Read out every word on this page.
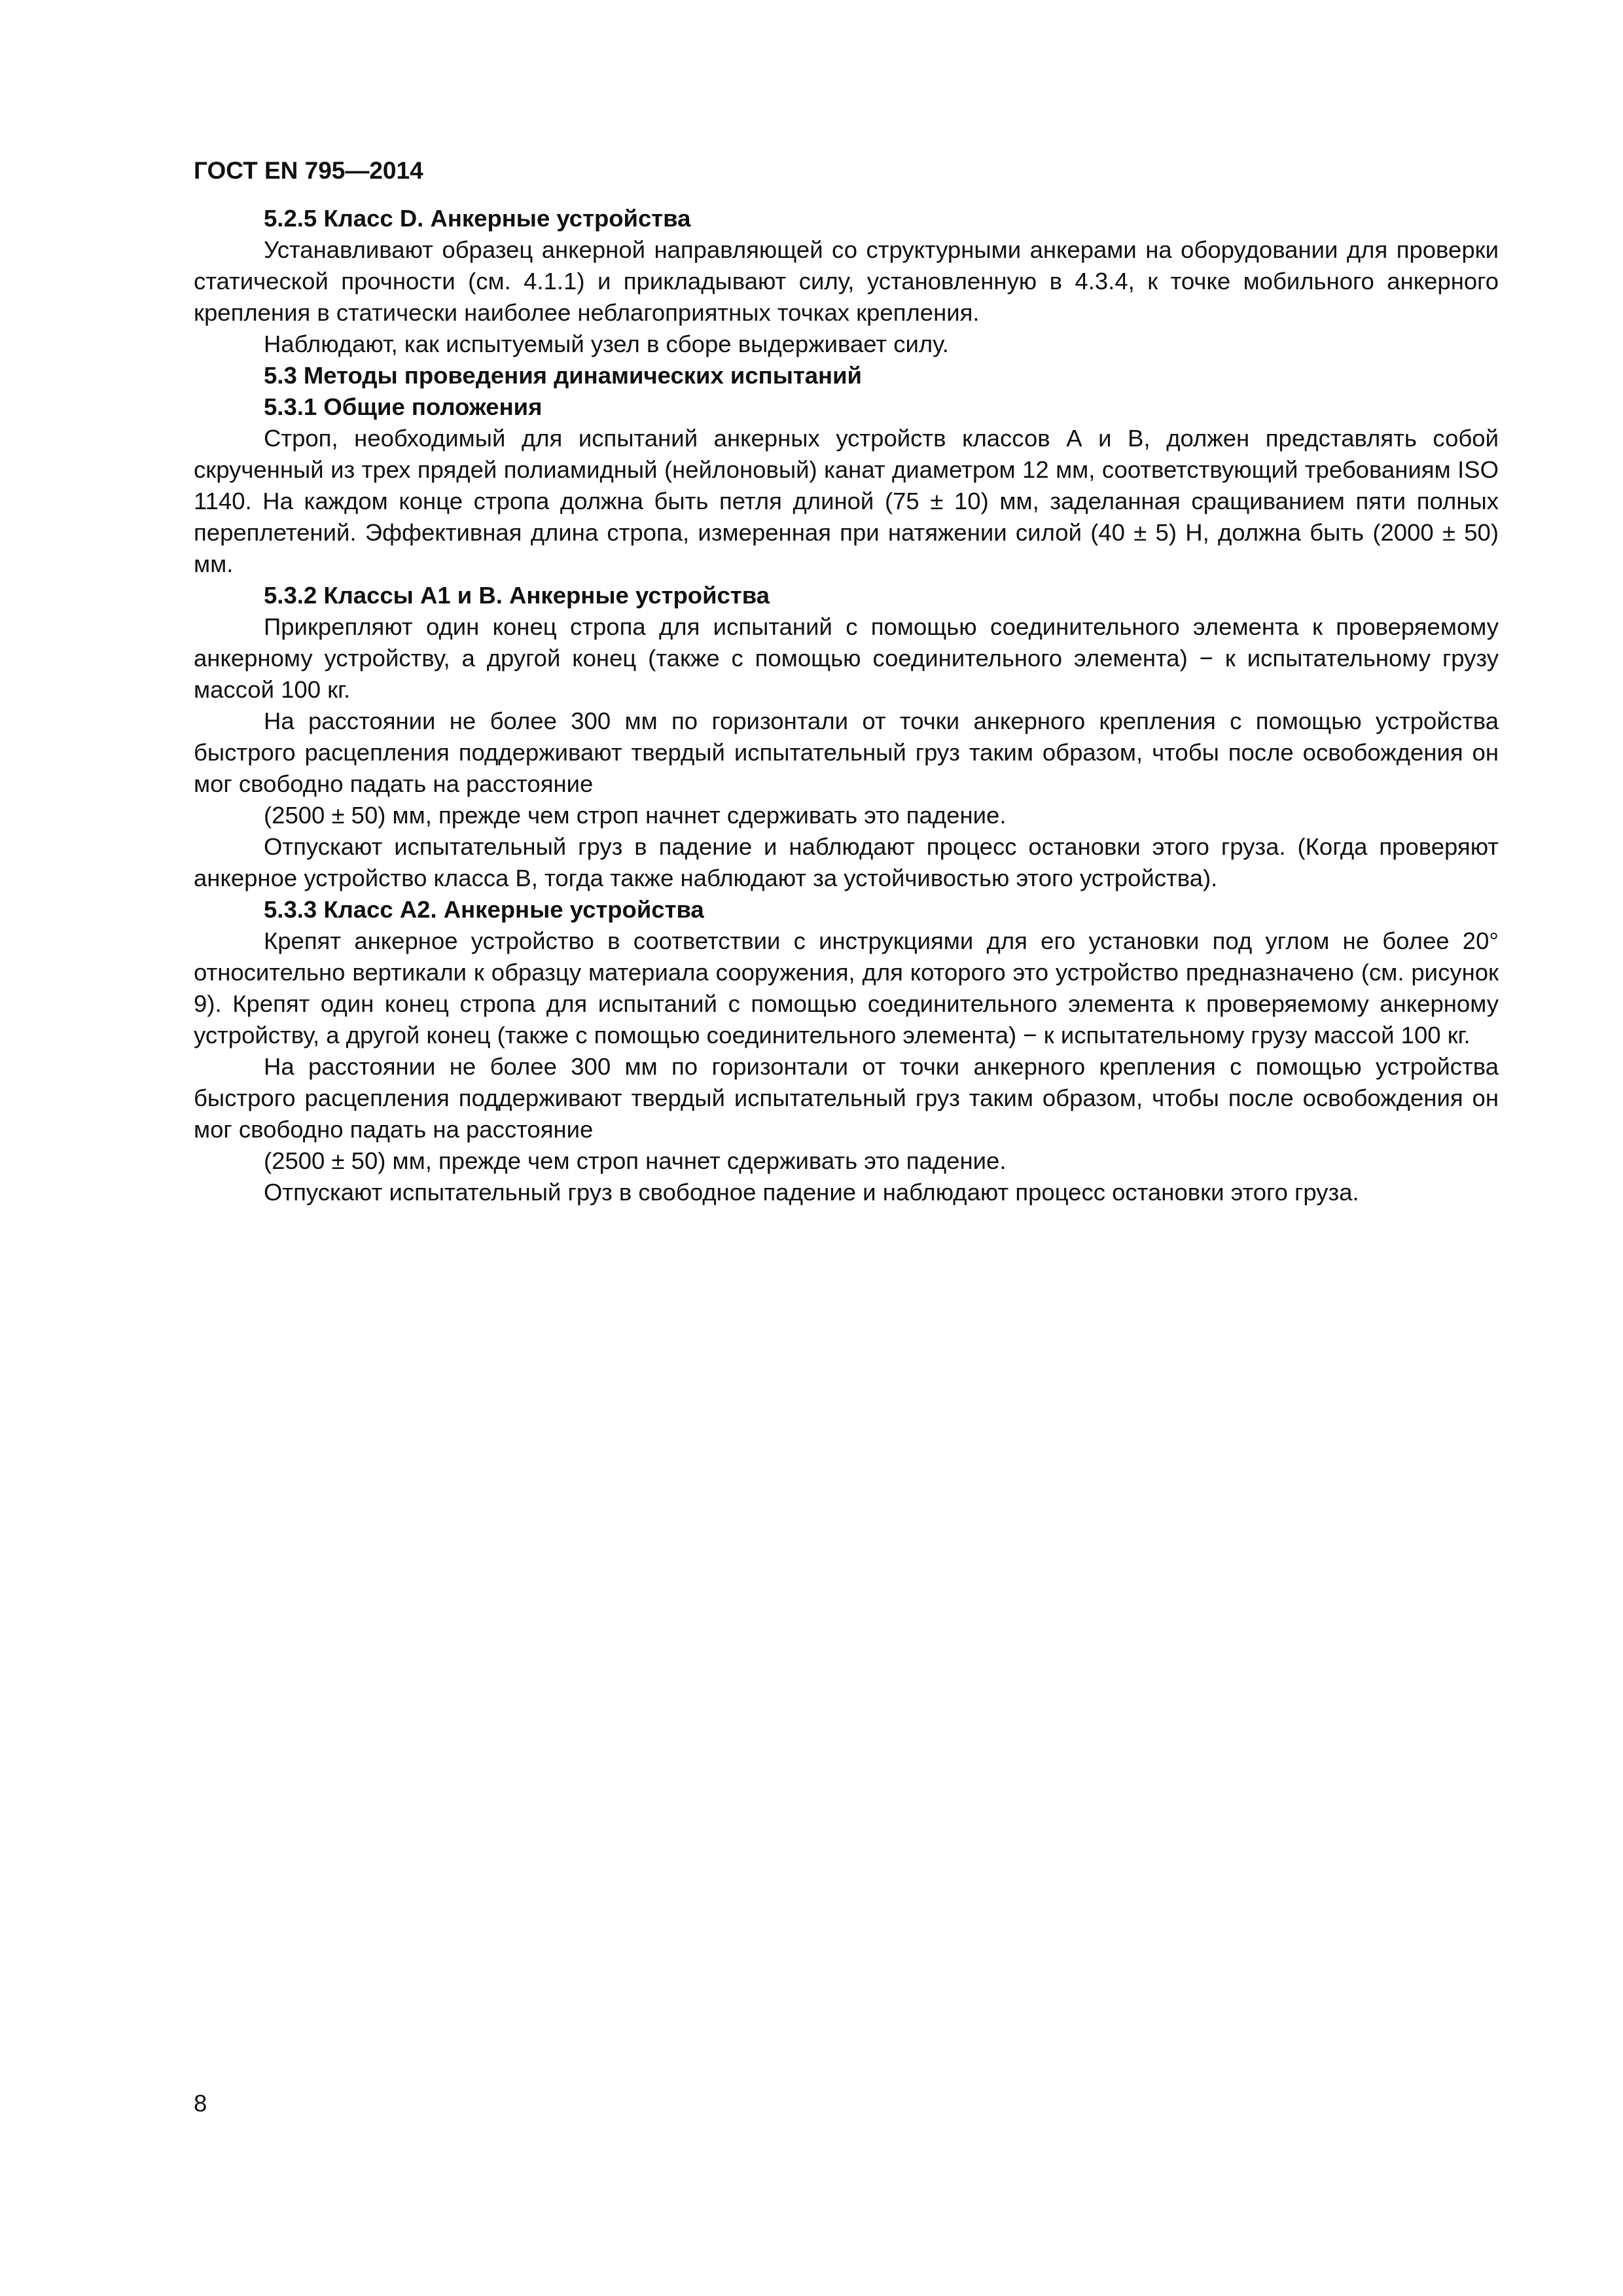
ГОСТ EN 795—2014

5.2.5 Класс D. Анкерные устройства

Устанавливают образец анкерной направляющей со структурными анкерами на оборудовании для проверки статической прочности (см. 4.1.1) и прикладывают силу, установленную в 4.3.4, к точке мобильного анкерного крепления в статически наиболее неблагоприятных точках крепления.

Наблюдают, как испытуемый узел в сборе выдерживает силу.

5.3 Методы проведения динамических испытаний

5.3.1 Общие положения

Строп, необходимый для испытаний анкерных устройств классов А и В, должен представлять собой скрученный из трех прядей полиамидный (нейлоновый) канат диаметром 12 мм, соответствующий требованиям ISO 1140. На каждом конце стропа должна быть петля длиной (75 ± 10) мм, заделанная сращиванием пяти полных переплетений. Эффективная длина стропа, измеренная при натяжении силой (40 ± 5) Н, должна быть (2000 ± 50) мм.

5.3.2 Классы А1 и В. Анкерные устройства

Прикрепляют один конец стропа для испытаний с помощью соединительного элемента к проверяемому анкерному устройству, а другой конец (также с помощью соединительного элемента) − к испытательному грузу массой 100 кг.

На расстоянии не более 300 мм по горизонтали от точки анкерного крепления с помощью устройства быстрого расцепления поддерживают твердый испытательный груз таким образом, чтобы после освобождения он мог свободно падать на расстояние

(2500 ± 50) мм, прежде чем строп начнет сдерживать это падение.

Отпускают испытательный груз в падение и наблюдают процесс остановки этого груза. (Когда проверяют анкерное устройство класса В, тогда также наблюдают за устойчивостью этого устройства).

5.3.3 Класс А2. Анкерные устройства

Крепят анкерное устройство в соответствии с инструкциями для его установки под углом не более 20° относительно вертикали к образцу материала сооружения, для которого это устройство предназначено (см. рисунок 9). Крепят один конец стропа для испытаний с помощью соединительного элемента к проверяемому анкерному устройству, а другой конец (также с помощью соединительного элемента) − к испытательному грузу массой 100 кг.

На расстоянии не более 300 мм по горизонтали от точки анкерного крепления с помощью устройства быстрого расцепления поддерживают твердый испытательный груз таким образом, чтобы после освобождения он мог свободно падать на расстояние

(2500 ± 50) мм, прежде чем строп начнет сдерживать это падение.

Отпускают испытательный груз в свободное падение и наблюдают процесс остановки этого груза.

8
